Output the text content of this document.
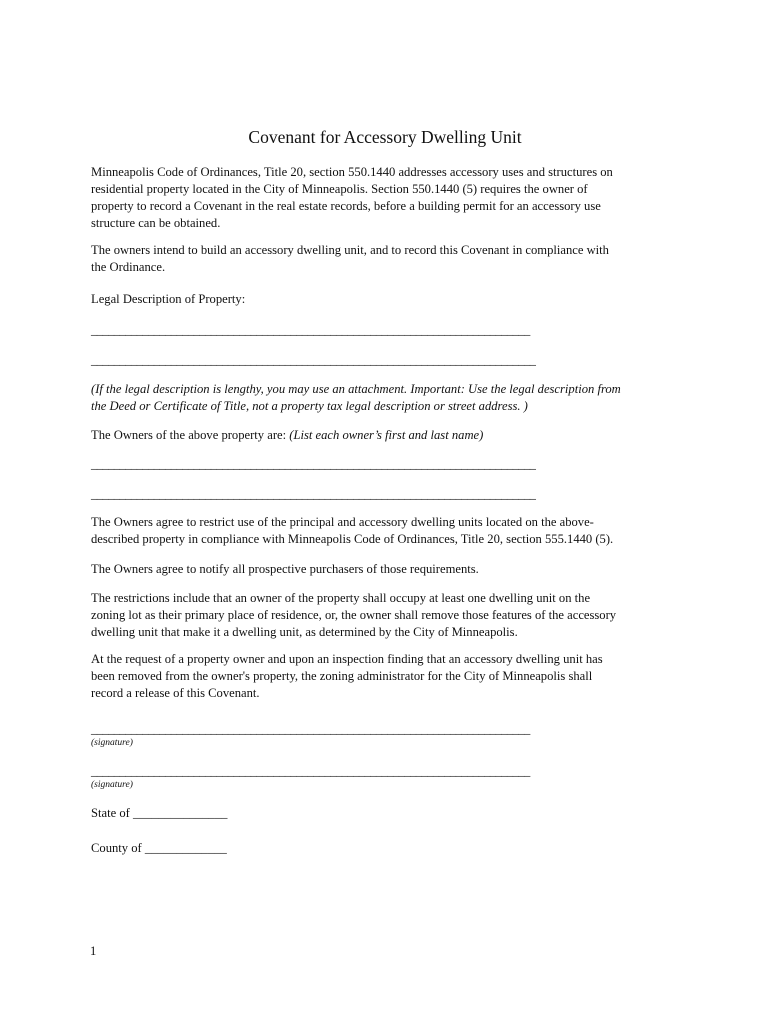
Covenant for Accessory Dwelling Unit
Minneapolis Code of Ordinances, Title 20, section 550.1440 addresses accessory uses and structures on
residential property located in the City of Minneapolis. Section 550.1440 (5) requires the owner of
property to record a Covenant in the real estate records, before a building permit for an accessory use
structure can be obtained.
The owners intend to build an accessory dwelling unit, and to record this Covenant in compliance with
the Ordinance.
Legal Description of Property:
_____________________________________________________________________________
______________________________________________________________________________
(If the legal description is lengthy, you may use an attachment. Important: Use the legal description from
the Deed or Certificate of Title, not a property tax legal description or street address. )
The Owners of the above property are: (List each owner’s first and last name)
______________________________________________________________________________
______________________________________________________________________________
The Owners agree to restrict use of the principal and accessory dwelling units located on the above-
described property in compliance with Minneapolis Code of Ordinances, Title 20, section 555.1440 (5).
The Owners agree to notify all prospective purchasers of those requirements.
The restrictions include that an owner of the property shall occupy at least one dwelling unit on the
zoning lot as their primary place of residence, or, the owner shall remove those features of the accessory
dwelling unit that make it a dwelling unit, as determined by the City of Minneapolis.
At the request of a property owner and upon an inspection finding that an accessory dwelling unit has
been removed from the owner's property, the zoning administrator for the City of Minneapolis shall
record a release of this Covenant.
_____________________________________________________________________________
(signature)
_____________________________________________________________________________
(signature)
State of _______________
County of _____________
1
